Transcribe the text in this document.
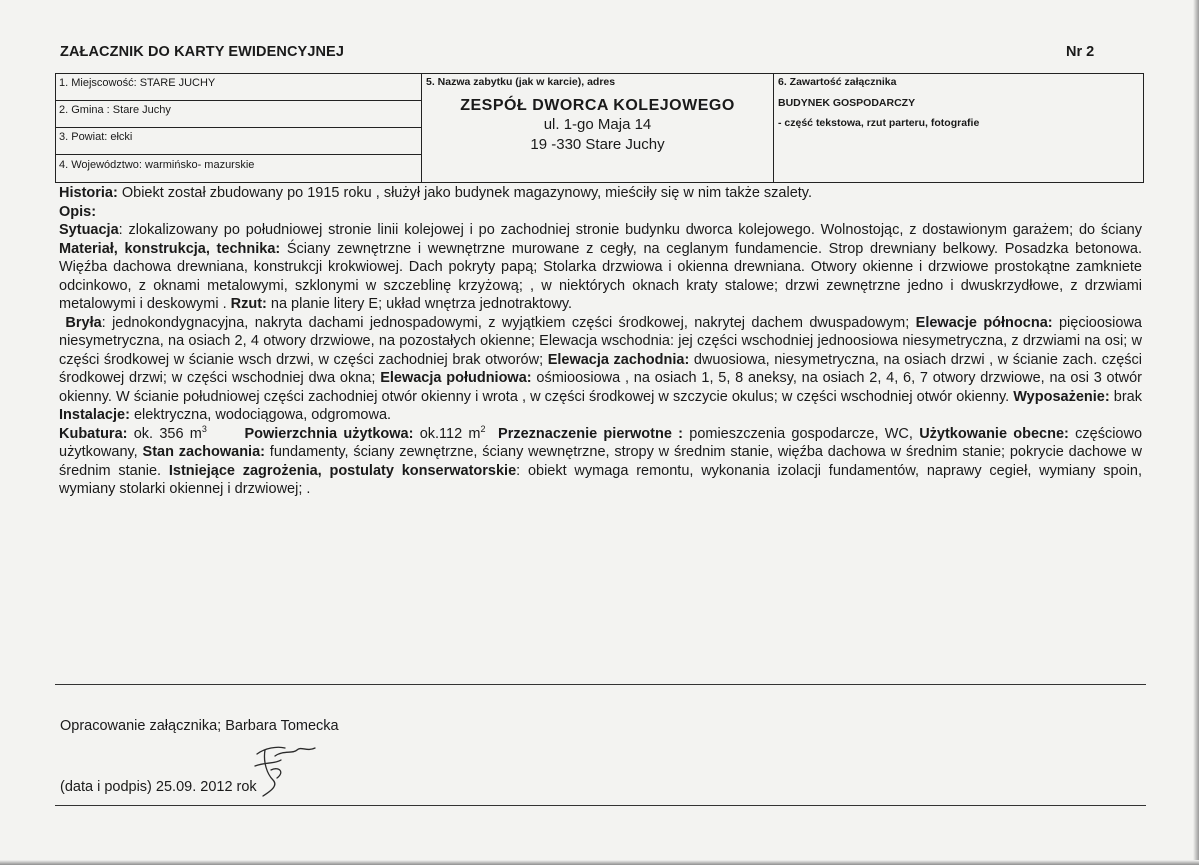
ZAŁACZNIK DO KARTY EWIDENCYJNEJ	Nr 2
1. Miejscowość: STARE JUCHY
2. Gmina : Stare Juchy
3. Powiat: ełcki
4. Województwo: warmińsko- mazurskie
5. Nazwa zabytku (jak w karcie), adres
ZESPÓŁ DWORCA KOLEJOWEGO
ul. 1-go Maja 14
19 -330 Stare Juchy
6. Zawartość załącznika
BUDYNEK GOSPODARCZY
- część tekstowa, rzut parteru, fotografie

Historia: Obiekt został zbudowany po 1915 roku , służył jako budynek magazynowy, mieściły się w nim także szalety.

Opis:

Sytuacja: zlokalizowany po południowej stronie linii kolejowej i po zachodniej stronie budynku dworca kolejowego. Wolnostojąc, z dostawionym garażem; do ściany Materiał, konstrukcja, technika: Ściany zewnętrzne i wewnętrzne murowane z cegły, na ceglanym fundamencie. Strop drewniany belkowy. Posadzka betonowa. Więźba dachowa drewniana, konstrukcji krokwiowej. Dach pokryty papą; Stolarka drzwiowa i okienna drewniana. Otwory okienne i drzwiowe prostokątne zamkniete odcinkowo, z oknami metalowymi, szklonymi w szczeblinę krzyżową; , w niektórych oknach kraty stalowe; drzwi zewnętrzne jedno i dwuskrzydłowe, z drzwiami metalowymi i deskowymi . Rzut: na planie litery E; układ wnętrza jednotraktowy.

Bryła: jednokondygnacyjna, nakryta dachami jednospadowymi, z wyjątkiem części środkowej, nakrytej dachem dwuspadowym; Elewacje północna: pięcioosiowa niesymetryczna, na osiach 2, 4 otwory drzwiowe, na pozostałych okienne; Elewacja wschodnia: jej części wschodniej jednoosiowa niesymetryczna, z drzwiami na osi; w części środkowej w ścianie wsch drzwi, w części zachodniej brak otworów; Elewacja zachodnia: dwuosiowa, niesymetryczna, na osiach drzwi , w ścianie zach. części środkowej drzwi; w części wschodniej dwa okna; Elewacja południowa: ośmioosiowa , na osiach 1, 5, 8 aneksy, na osiach 2, 4, 6, 7 otwory drzwiowe, na osi 3 otwór okienny. W ścianie południowej części zachodniej otwór okienny i wrota , w części środkowej w szczycie okulus; w części wschodniej otwór okienny. Wyposażenie: brak Instalacje: elektryczna, wodociągowa, odgromowa.

Kubatura: ok. 356 $m^3$	Powierzchnia użytkowa: ok.112 $m^2$ Przeznaczenie pierwotne : pomieszczenia gospodarcze, WC, Użytkowanie obecne: częściowo użytkowany, Stan zachowania: fundamenty, ściany zewnętrzne, ściany wewnętrzne, stropy w średnim stanie, więźba dachowa w średnim stanie; pokrycie dachowe w średnim stanie. Istniejące zagrożenia, postulaty konserwatorskie: obiekt wymaga remontu, wykonania izolacji fundamentów, naprawy cegieł, wymiany spoin, wymiany stolarki okiennej i drzwiowej; .

Opracowanie załącznika; Barbara Tomecka
(data i podpis) 25.09. 2012 rok
